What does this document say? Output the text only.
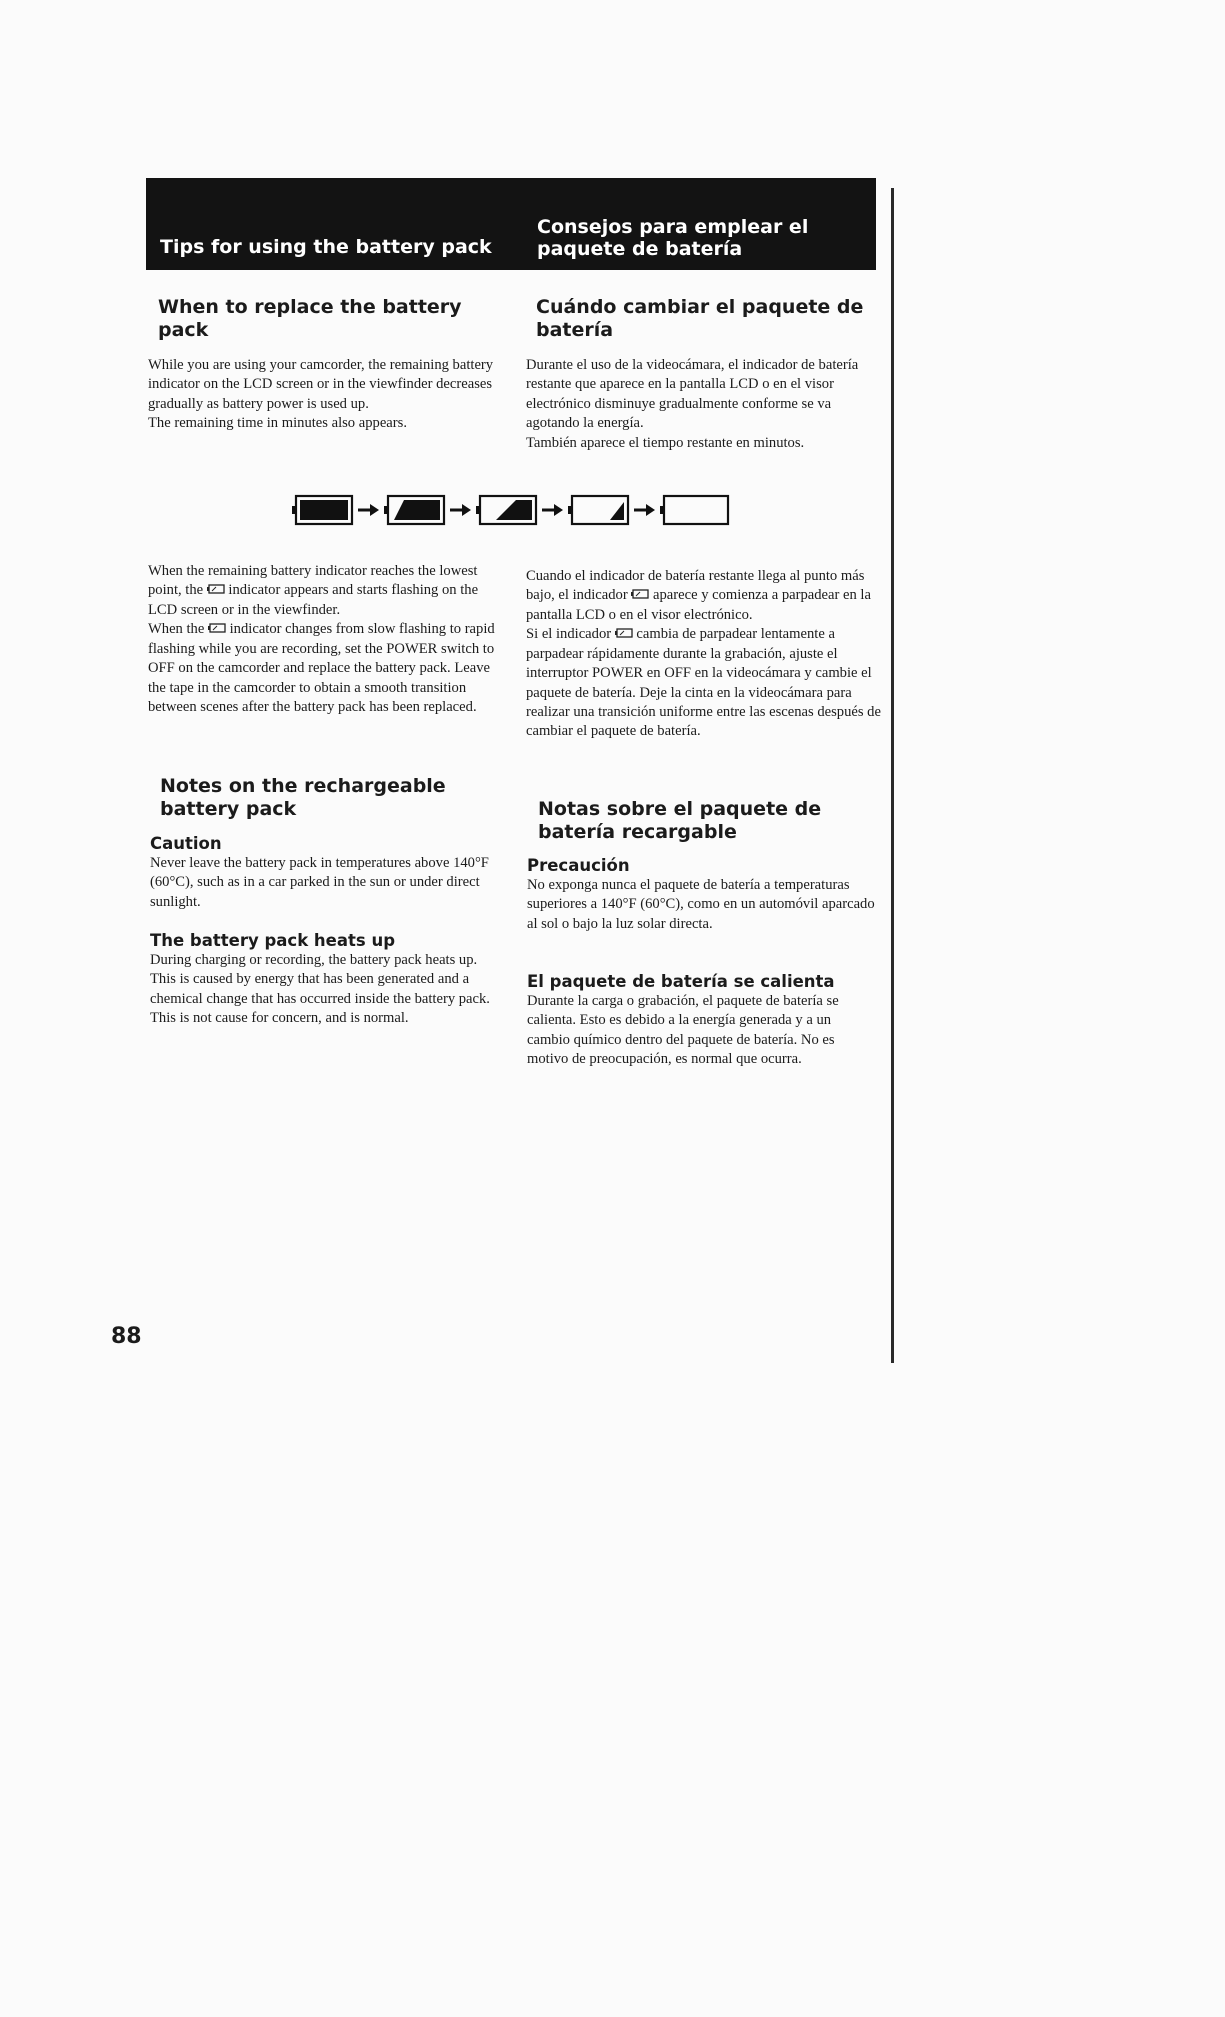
Tips for using the battery pack
Consejos para emplear el paquete de batería
When to replace the battery pack

While you are using your camcorder, the remaining battery indicator on the LCD screen or in the viewfinder decreases gradually as battery power is used up.

The remaining time in minutes also appears.

Cuándo cambiar el paquete de batería

Durante el uso de la videocámara, el indicador de batería restante que aparece en la pantalla LCD o en el visor electrónico disminuye gradualmente conforme se va agotando la energía.

También aparece el tiempo restante en minutos.

When the remaining battery indicator reaches the lowest point, the  indicator appears and starts flashing on the LCD screen or in the viewfinder.

When the  indicator changes from slow flashing to rapid flashing while you are recording, set the POWER switch to OFF on the camcorder and replace the battery pack. Leave the tape in the camcorder to obtain a smooth transition between scenes after the battery pack has been replaced.

Cuando el indicador de batería restante llega al punto más bajo, el indicador  aparece y comienza a parpadear en la pantalla LCD o en el visor electrónico.

Si el indicador  cambia de parpadear lentamente a parpadear rápidamente durante la grabación, ajuste el interruptor POWER en OFF en la videocámara y cambie el paquete de batería. Deje la cinta en la videocámara para realizar una transición uniforme entre las escenas después de cambiar el paquete de batería.

Notes on the rechargeable battery pack
Caution

Never leave the battery pack in temperatures above 140°F (60°C), such as in a car parked in the sun or under direct sunlight.

The battery pack heats up

During charging or recording, the battery pack heats up. This is caused by energy that has been generated and a chemical change that has occurred inside the battery pack. This is not cause for concern, and is normal.

Notas sobre el paquete de batería recargable
Precaución

No exponga nunca el paquete de batería a temperaturas superiores a 140°F (60°C), como en un automóvil aparcado al sol o bajo la luz solar directa.

El paquete de batería se calienta

Durante la carga o grabación, el paquete de batería se calienta. Esto es debido a la energía generada y a un cambio químico dentro del paquete de batería. No es motivo de preocupación, es normal que ocurra.

88
